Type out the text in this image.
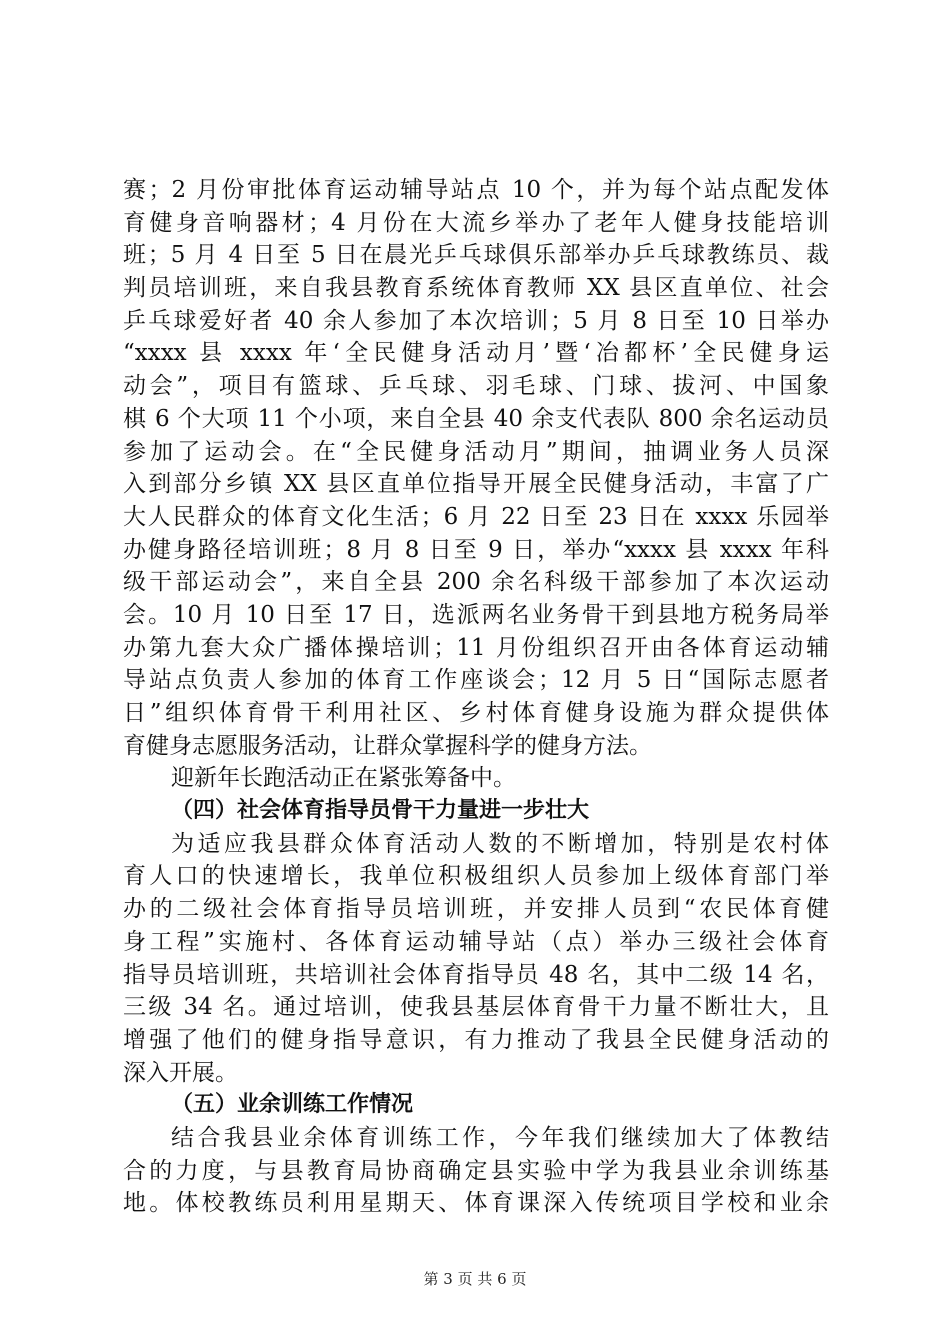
赛；2 月份审批体育运动辅导站点 10 个，并为每个站点配发体
育健身音响器材；4 月份在大流乡举办了老年人健身技能培训
班；5 月 4 日至 5 日在晨光乒乓球俱乐部举办乒乓球教练员、裁
判员培训班，来自我县教育系统体育教师 XX 县区直单位、社会
乒乓球爱好者 40 余人参加了本次培训；5 月 8 日至 10 日举办
“xxxx 县 xxxx 年‘全民健身活动月’暨‘冶都杯’全民健身运
动会”，项目有篮球、乒乓球、羽毛球、门球、拔河、中国象
棋 6 个大项 11 个小项，来自全县 40 余支代表队 800 余名运动员
参加了运动会。在“全民健身活动月”期间，抽调业务人员深
入到部分乡镇 XX 县区直单位指导开展全民健身活动，丰富了广
大人民群众的体育文化生活；6 月 22 日至 23 日在 xxxx 乐园举
办健身路径培训班；8 月 8 日至 9 日，举办“xxxx 县 xxxx 年科
级干部运动会”，来自全县 200 余名科级干部参加了本次运动
会。10 月 10 日至 17 日，选派两名业务骨干到县地方税务局举
办第九套大众广播体操培训；11 月份组织召开由各体育运动辅
导站点负责人参加的体育工作座谈会；12 月 5 日“国际志愿者
日”组织体育骨干利用社区、乡村体育健身设施为群众提供体
育健身志愿服务活动，让群众掌握科学的健身方法。
迎新年长跑活动正在紧张筹备中。
（四）社会体育指导员骨干力量进一步壮大
为适应我县群众体育活动人数的不断增加，特别是农村体
育人口的快速增长，我单位积极组织人员参加上级体育部门举
办的二级社会体育指导员培训班，并安排人员到“农民体育健
身工程”实施村、各体育运动辅导站（点）举办三级社会体育
指导员培训班，共培训社会体育指导员 48 名，其中二级 14 名，
三级 34 名。通过培训，使我县基层体育骨干力量不断壮大，且
增强了他们的健身指导意识，有力推动了我县全民健身活动的
深入开展。
（五）业余训练工作情况
结合我县业余体育训练工作，今年我们继续加大了体教结
合的力度，与县教育局协商确定县实验中学为我县业余训练基
地。体校教练员利用星期天、体育课深入传统项目学校和业余
第 3 页 共 6 页
